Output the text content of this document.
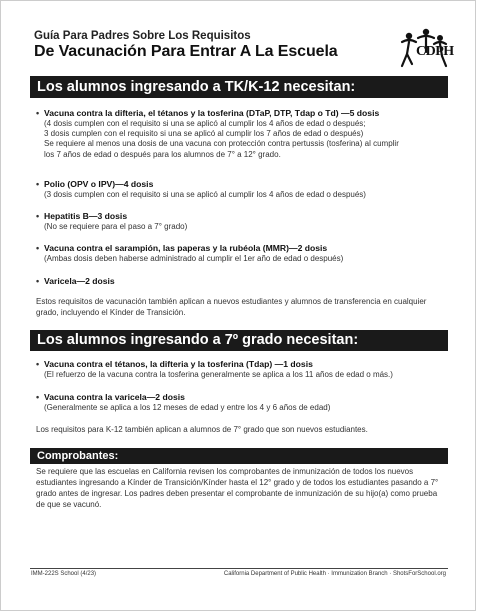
Guía Para Padres Sobre Los Requisitos
De Vacunación Para Entrar A La Escuela	CDPH
Los alumnos ingresando a TK/K-12 necesitan:
• Vacuna contra la difteria, el tétanos y la tosferina (DTaP, DTP, Tdap o Td) —5 dosis
(4 dosis cumplen con el requisito si una se aplicó al cumplir los 4 años de edad o después;
3 dosis cumplen con el requisito si una se aplicó al cumplir los 7 años de edad o después)
Se requiere al menos una dosis de una vacuna con protección contra pertussis (tosferina) al cumplir
los 7 años de edad o después para los alumnos de 7° a 12° grado.
• Polio (OPV o IPV)—4 dosis
(3 dosis cumplen con el requisito si una se aplicó al cumplir los 4 años de edad o después)
• Hepatitis B—3 dosis
(No se requiere para el paso a 7° grado)
• Vacuna contra el sarampión, las paperas y la rubéola (MMR)—2 dosis
(Ambas dosis deben haberse administrado al cumplir el 1er año de edad o después)
• Varicela—2 dosis
Estos requisitos de vacunación también aplican a nuevos estudiantes y alumnos de transferencia en cualquier grado, incluyendo el Kínder de Transición.
Los alumnos ingresando a 7º grado necesitan:
• Vacuna contra el tétanos, la difteria y la tosferina (Tdap) —1 dosis
(El refuerzo de la vacuna contra la tosferina generalmente se aplica a los 11 años de edad o más.)
• Vacuna contra la varicela—2 dosis
(Generalmente se aplica a los 12 meses de edad y entre los 4 y 6 años de edad)
Los requisitos para K-12 también aplican a alumnos de 7° grado que son nuevos estudiantes.
Comprobantes:
Se requiere que las escuelas en California revisen los comprobantes de inmunización de todos los nuevos estudiantes ingresando a Kínder de Transición/Kínder hasta el 12° grado y de todos los estudiantes pasando a 7° grado antes de ingresar. Los padres deben presentar el comprobante de inmunización de su hijo(a) como prueba de que se vacunó.
IMM-222S School (4/23)	California Department of Public Health · Immunization Branch · ShotsForSchool.org
